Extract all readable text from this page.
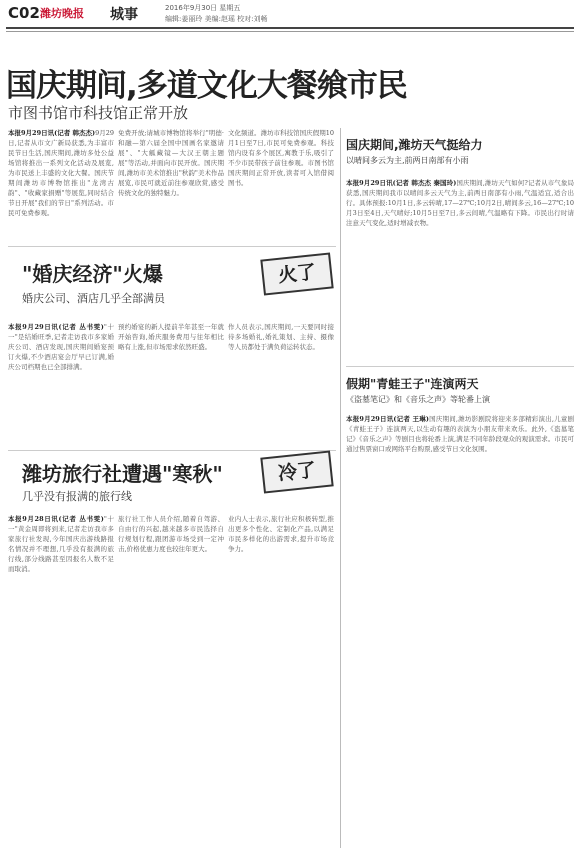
C02 潍坊晚报 城事	2016年9月30日 星期五
编辑:姜丽玲 美编:赵瑶 校对:刘畅
国庆期间,多道文化大餐飨市民
市图书馆市科技馆正常开放
本报9月29日讯(记者 韩杰杰)9月29日,记者从市文广新局获悉,为丰富市民节日生活,国庆期间,潍坊多处公益场馆将推出一系列文化活动及展览,为市民送上丰盛的文化大餐。国庆节期间潍坊市博物馆推出"龙湾古韵"、"收藏家捐赠"等展览,同时结合节日开展"我们的节日"系列活动。市民可免费参观。
免费开放;请城市博物馆将举行"明德·和融—第六届全国中国画名家邀请展"、"大觚藏镜—大汉王朝主题展"等活动,并面向市民开放。国庆期间,潍坊市美术馆推出"秋韵"美术作品展览,市民可就近前往参观欣赏,感受传统文化的独特魅力。
文化频道。潍坊市科技馆国庆假期10月1日至7日,市民可免费参观。科技馆内设有多个展区,寓教于乐,吸引了不少市民带孩子前往参观。市图书馆国庆期间正常开放,读者可入馆借阅图书。
国庆期间,潍坊天气挺给力
以晴间多云为主,前两日南部有小雨
本报9月29日讯(记者 韩杰杰 秦国玲)国庆期间,潍坊天气如何?记者从市气象局获悉,国庆期间我市以晴间多云天气为主,前两日南部有小雨,气温适宜,适合出行。具体预报:10月1日,多云转晴,17—27℃;10月2日,晴间多云,16—27℃;10月3日至4日,天气晴好;10月5日至7日,多云间晴,气温略有下降。市民出行时请注意天气变化,适时增减衣物。
"婚庆经济"火爆
婚庆公司、酒店几乎全部满员
火了
本报9月29日讯(记者 丛书雯)"十一"是结婚旺季,记者走访我市多家婚庆公司、酒店发现,国庆期间婚宴预订火爆,不少酒店宴会厅早已订满,婚庆公司档期也已全部排满。
预约婚宴的新人提前半年甚至一年就开始咨询,婚庆服务费用与往年相比略有上涨,但市场需求依然旺盛。
作人员表示,国庆期间,一天要同时接待多场婚礼,婚礼策划、主持、摄像等人员都处于满负荷运转状态。
假期"青蛙王子"连演两天
《盗墓笔记》和《音乐之声》等轮番上演
本报9月29日讯(记者 王琳)国庆期间,潍坊影剧院将迎来多部精彩演出,儿童剧《青蛙王子》连演两天,以生动有趣的表演为小朋友带来欢乐。此外,《盗墓笔记》《音乐之声》等剧目也将轮番上演,满足不同年龄段观众的观演需求。市民可通过售票窗口或网络平台购票,感受节日文化氛围。
潍坊旅行社遭遇"寒秋"
几乎没有报满的旅行线
冷了
本报9月28日讯(记者 丛书雯)"十一"黄金周即将到来,记者走访我市多家旅行社发现,今年国庆出游线路报名情况并不理想,几乎没有报满的旅行线,部分线路甚至因报名人数不足而取消。
旅行社工作人员介绍,随着自驾游、自由行的兴起,越来越多市民选择自行规划行程,跟团游市场受到一定冲击,价格优惠力度也较往年更大。
业内人士表示,旅行社应积极转型,推出更多个性化、定制化产品,以满足市民多样化的出游需求,提升市场竞争力。
